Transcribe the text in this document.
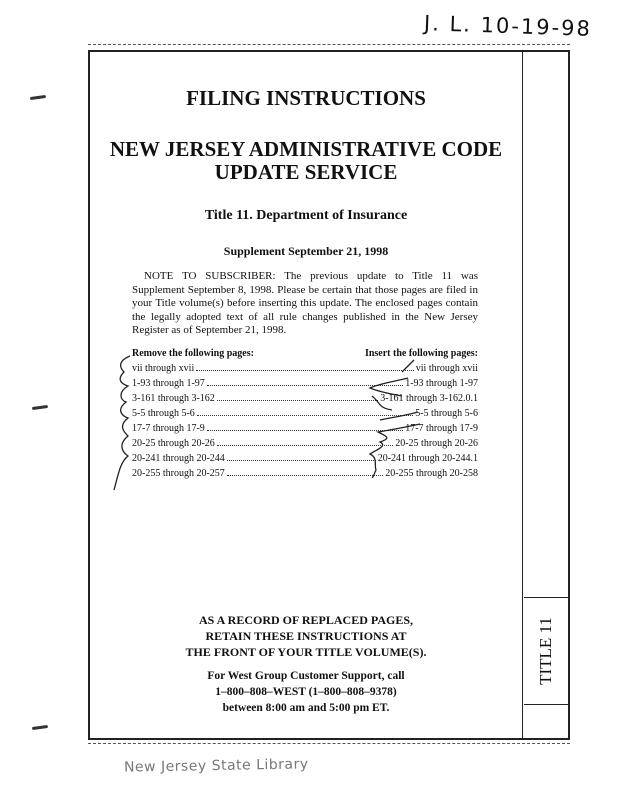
J. L. 10-19-98
FILING INSTRUCTIONS
NEW JERSEY ADMINISTRATIVE CODE
UPDATE SERVICE
Title 11. Department of Insurance
Supplement September 21, 1998
NOTE TO SUBSCRIBER: The previous update to Title 11 was Supplement September 8, 1998. Please be certain that those pages are filed in your Title volume(s) before inserting this update. The enclosed pages contain the legally adopted text of all rule changes published in the New Jersey Register as of September 21, 1998.
Remove the following pages:	Insert the following pages:
vii through xvii	vii through xvii
1-93 through 1-97	1-93 through 1-97
3-161 through 3-162	3-161 through 3-162.0.1
5-5 through 5-6	5-5 through 5-6
17-7 through 17-9	17-7 through 17-9
20-25 through 20-26	20-25 through 20-26
20-241 through 20-244	20-241 through 20-244.1
20-255 through 20-257	20-255 through 20-258
AS A RECORD OF REPLACED PAGES,
RETAIN THESE INSTRUCTIONS AT
THE FRONT OF YOUR TITLE VOLUME(S).
For West Group Customer Support, call
1–800–808–WEST (1–800–808–9378)
between 8:00 am and 5:00 pm ET.
TITLE 11
New Jersey State Library
